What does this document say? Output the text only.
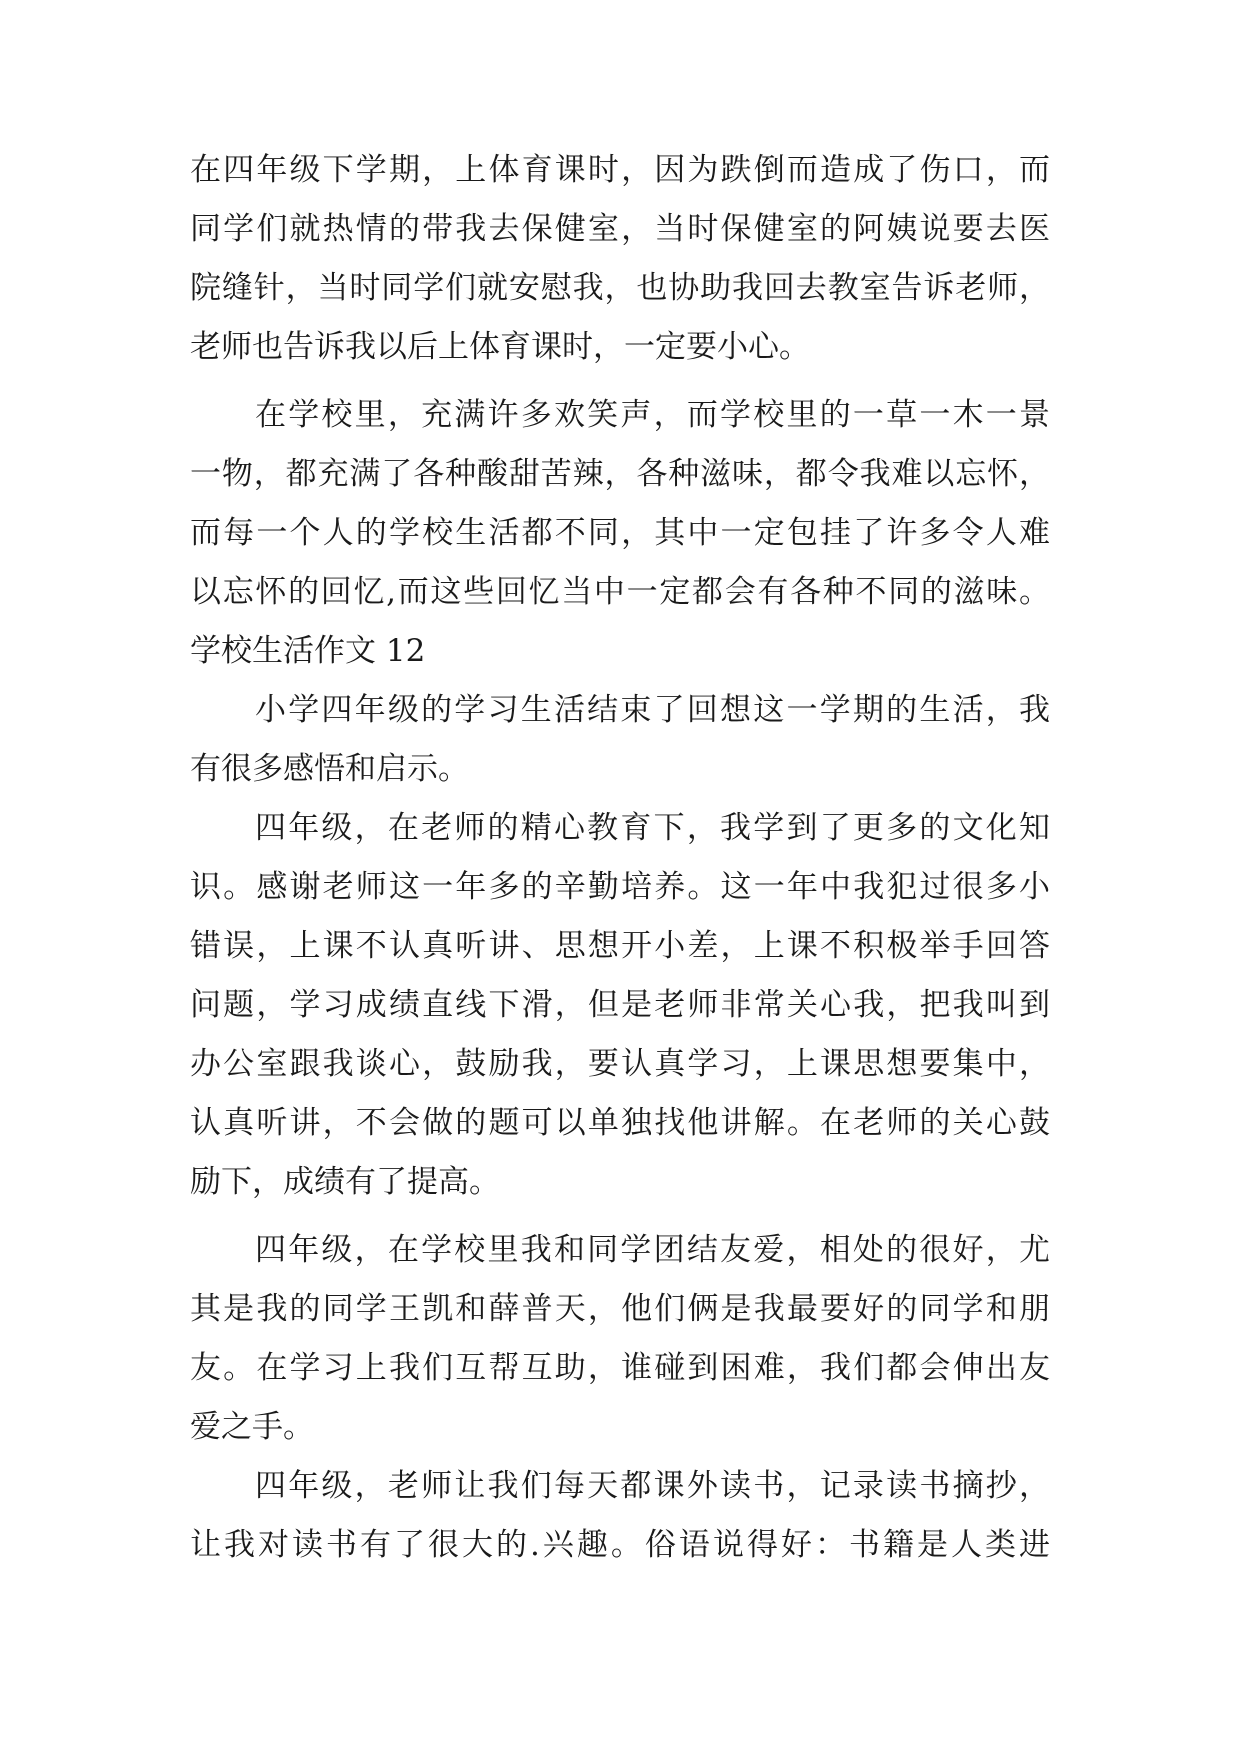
在四年级下学期，上体育课时，因为跌倒而造成了伤口，而
同学们就热情的带我去保健室，当时保健室的阿姨说要去医
院缝针，当时同学们就安慰我，也协助我回去教室告诉老师，
老师也告诉我以后上体育课时，一定要小心。
在学校里，充满许多欢笑声，而学校里的一草一木一景
一物，都充满了各种酸甜苦辣，各种滋味，都令我难以忘怀，
而每一个人的学校生活都不同，其中一定包挂了许多令人难
以忘怀的回忆,而这些回忆当中一定都会有各种不同的滋味。
学校生活作文 12
小学四年级的学习生活结束了回想这一学期的生活，我
有很多感悟和启示。
四年级，在老师的精心教育下，我学到了更多的文化知
识。感谢老师这一年多的辛勤培养。这一年中我犯过很多小
错误，上课不认真听讲、思想开小差，上课不积极举手回答
问题，学习成绩直线下滑，但是老师非常关心我，把我叫到
办公室跟我谈心，鼓励我，要认真学习，上课思想要集中，
认真听讲，不会做的题可以单独找他讲解。在老师的关心鼓
励下，成绩有了提高。
四年级，在学校里我和同学团结友爱，相处的很好，尤
其是我的同学王凯和薛普天，他们俩是我最要好的同学和朋
友。在学习上我们互帮互助，谁碰到困难，我们都会伸出友
爱之手。
四年级，老师让我们每天都课外读书，记录读书摘抄，
让我对读书有了很大的.兴趣。俗语说得好：书籍是人类进
